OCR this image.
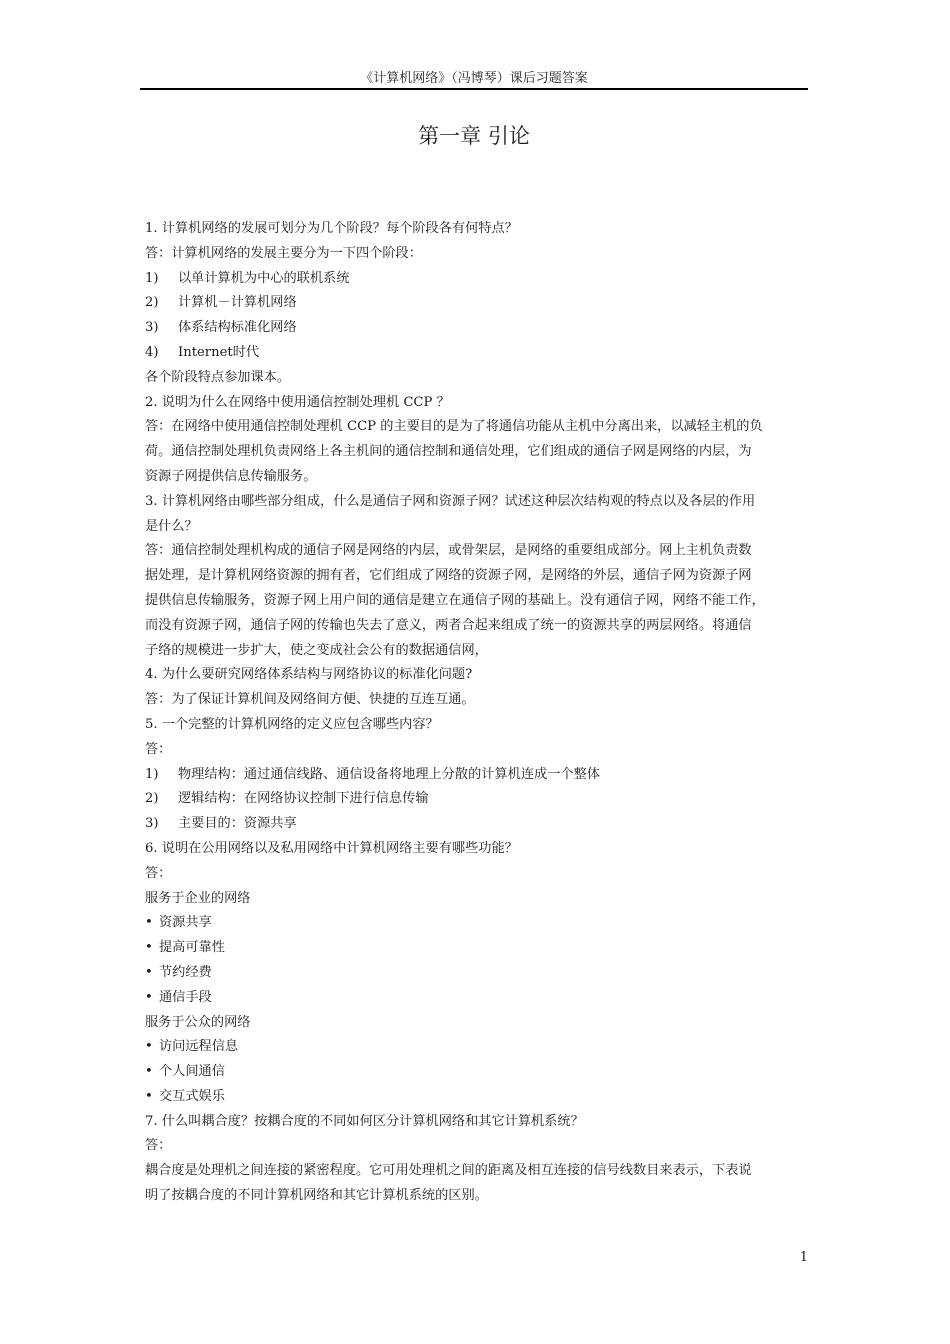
《计算机网络》（冯博琴）课后习题答案
第一章 引论
1. 计算机网络的发展可划分为几个阶段？每个阶段各有何特点？
答：计算机网络的发展主要分为一下四个阶段：
1) 以单计算机为中心的联机系统
2) 计算机－计算机网络
3) 体系结构标准化网络
4) Internet时代
各个阶段特点参加课本。
2. 说明为什么在网络中使用通信控制处理机 CCP ？
答：在网络中使用通信控制处理机 CCP 的主要目的是为了将通信功能从主机中分离出来，以减轻主机的负
荷。通信控制处理机负责网络上各主机间的通信控制和通信处理，它们组成的通信子网是网络的内层，为
资源子网提供信息传输服务。
3. 计算机网络由哪些部分组成，什么是通信子网和资源子网？试述这种层次结构观的特点以及各层的作用
是什么？
答：通信控制处理机构成的通信子网是网络的内层，或骨架层，是网络的重要组成部分。网上主机负责数
据处理，是计算机网络资源的拥有者，它们组成了网络的资源子网，是网络的外层，通信子网为资源子网
提供信息传输服务，资源子网上用户间的通信是建立在通信子网的基础上。没有通信子网，网络不能工作，
而没有资源子网，通信子网的传输也失去了意义，两者合起来组成了统一的资源共享的两层网络。将通信
子络的规模进一步扩大，使之变成社会公有的数据通信网，
4. 为什么要研究网络体系结构与网络协议的标准化问题?
答：为了保证计算机间及网络间方便、快捷的互连互通。
5. 一个完整的计算机网络的定义应包含哪些内容？
答：
1) 物理结构：通过通信线路、通信设备将地理上分散的计算机连成一个整体
2) 逻辑结构：在网络协议控制下进行信息传输
3) 主要目的：资源共享
6. 说明在公用网络以及私用网络中计算机网络主要有哪些功能？
答：
服务于企业的网络
• 资源共享
• 提高可靠性
• 节约经费
• 通信手段
服务于公众的网络
• 访问远程信息
• 个人间通信
• 交互式娱乐
7. 什么叫耦合度？按耦合度的不同如何区分计算机网络和其它计算机系统？
答：
耦合度是处理机之间连接的紧密程度。它可用处理机之间的距离及相互连接的信号线数目来表示，下表说
明了按耦合度的不同计算机网络和其它计算机系统的区别。
1
